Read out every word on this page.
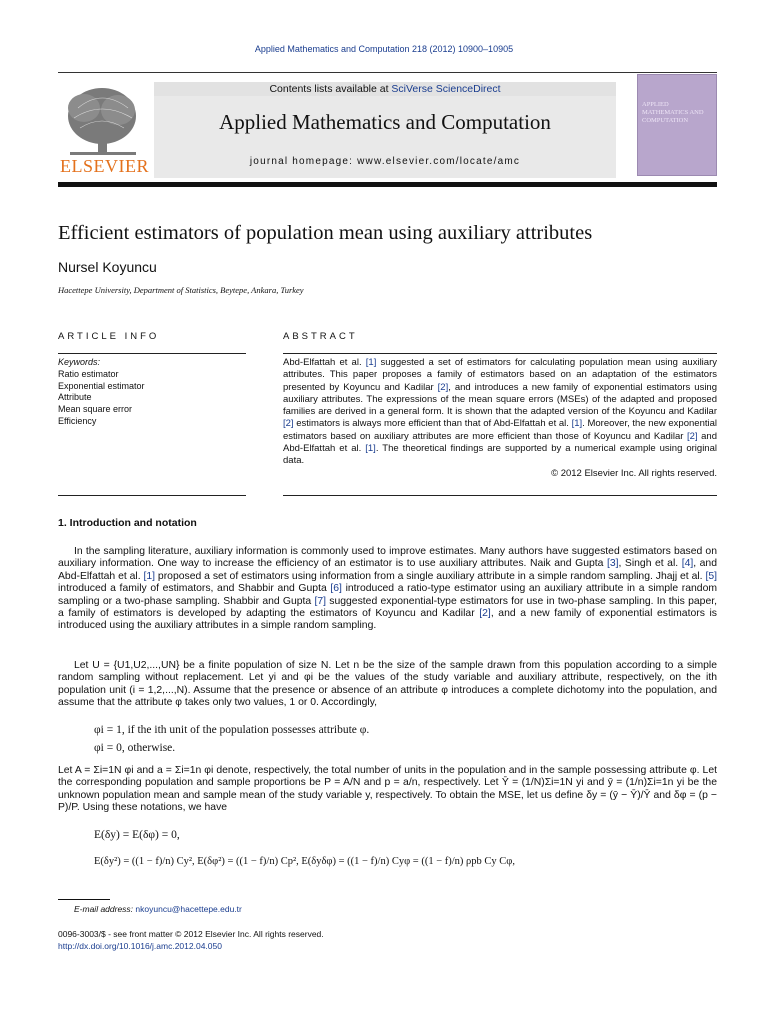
Applied Mathematics and Computation 218 (2012) 10900–10905
ELSEVIER
Contents lists available at SciVerse ScienceDirect
Applied Mathematics and Computation
journal homepage: www.elsevier.com/locate/amc
APPLIED MATHEMATICS AND COMPUTATION
Efficient estimators of population mean using auxiliary attributes
Nursel Koyuncu
Hacettepe University, Department of Statistics, Beytepe, Ankara, Turkey
ARTICLE INFO	ABSTRACT
Keywords:
Ratio estimator
Exponential estimator
Attribute
Mean square error
Efficiency
Abd-Elfattah et al. [1] suggested a set of estimators for calculating population mean using auxiliary attributes. This paper proposes a family of estimators based on an adaptation of the estimators presented by Koyuncu and Kadilar [2], and introduces a new family of exponential estimators using auxiliary attributes. The expressions of the mean square errors (MSEs) of the adapted and proposed families are derived in a general form. It is shown that the adapted version of the Koyuncu and Kadilar [2] estimators is always more efficient than that of Abd-Elfattah et al. [1]. Moreover, the new exponential estimators based on auxiliary attributes are more efficient than those of Koyuncu and Kadilar [2] and Abd-Elfattah et al. [1]. The theoretical findings are supported by a numerical example using original data.
© 2012 Elsevier Inc. All rights reserved.
1. Introduction and notation
In the sampling literature, auxiliary information is commonly used to improve estimates. Many authors have suggested estimators based on auxiliary information. One way to increase the efficiency of an estimator is to use auxiliary attributes. Naik and Gupta [3], Singh et al. [4], and Abd-Elfattah et al. [1] proposed a set of estimators using information from a single auxiliary attribute in a simple random sampling. Jhajj et al. [5] introduced a family of estimators, and Shabbir and Gupta [6] introduced a ratio-type estimator using an auxiliary attribute in a simple random sampling or a two-phase sampling. Shabbir and Gupta [7] suggested exponential-type estimators for use in two-phase sampling. In this paper, a family of estimators is developed by adapting the estimators of Koyuncu and Kadilar [2], and a new family of exponential estimators is introduced using the auxiliary attributes in a simple random sampling.
Let U = {U1,U2,...,UN} be a finite population of size N. Let n be the size of the sample drawn from this population according to a simple random sampling without replacement. Let yi and φi be the values of the study variable and auxiliary attribute, respectively, on the ith population unit (i = 1,2,...,N). Assume that the presence or absence of an attribute φ introduces a complete dichotomy into the population, and assume that the attribute φ takes only two values, 1 or 0. Accordingly,
φi = 1, if the ith unit of the population possesses attribute φ.
φi = 0, otherwise.
Let A = Σi=1N φi and a = Σi=1n φi denote, respectively, the total number of units in the population and in the sample possessing attribute φ. Let the corresponding population and sample proportions be P = A/N and p = a/n, respectively. Let Ȳ = (1/N)Σi=1N yi and ȳ = (1/n)Σi=1n yi be the unknown population mean and sample mean of the study variable y, respectively. To obtain the MSE, let us define δy = (ȳ − Ȳ)/Ȳ and δφ = (p − P)/P. Using these notations, we have
E(δy) = E(δφ) = 0,
E(δy²) = ((1 − f)/n) Cy², E(δφ²) = ((1 − f)/n) Cp², E(δyδφ) = ((1 − f)/n) Cyφ = ((1 − f)/n) ρpb Cy Cφ,
E-mail address: nkoyuncu@hacettepe.edu.tr
0096-3003/$ - see front matter © 2012 Elsevier Inc. All rights reserved.
http://dx.doi.org/10.1016/j.amc.2012.04.050
